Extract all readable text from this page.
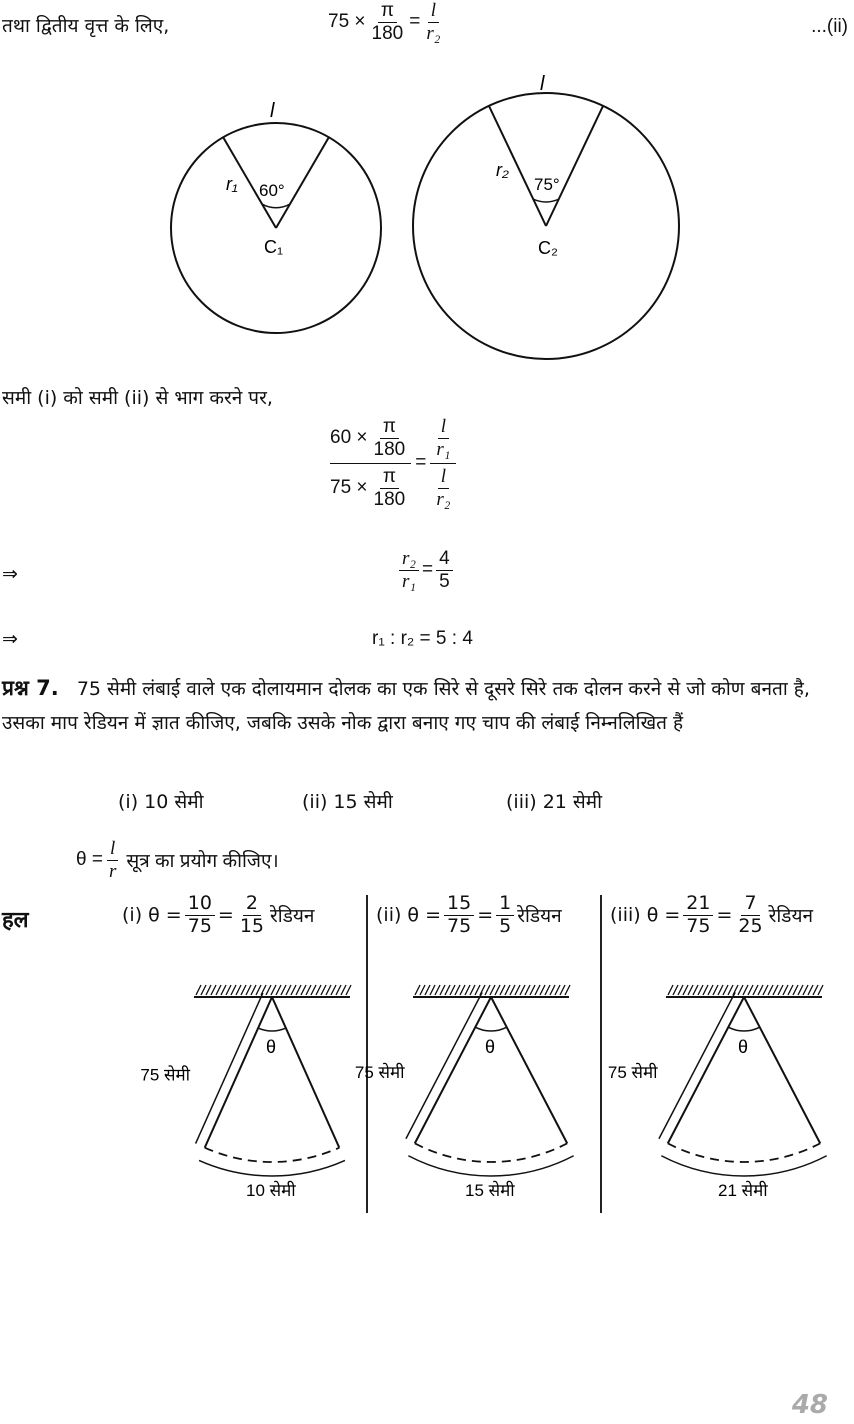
तथा द्वितीय वृत्त के लिए,	$75 \times \frac{\pi}{180} = \frac{l}{\text{r₂}}$	...(ii)
l
r₁ 60°
C₁
l
r₂
75°
C₂
समी (i) को समी (ii) से भाग करने पर,
$\frac{60 \times \frac{\pi}{180}}{75 \times \frac{\pi}{180}} = \frac{\frac{l}{\text{r₁}}}{\frac{l}{\text{r₂}}}$
⇒	$\frac{\text{r₂}}{\text{r₁}} = \frac{4}{5}$
⇒	r₁ : r₂ = 5 : 4
प्रश्न 7. 75 सेमी लंबाई वाले एक दोलायमान दोलक का एक सिरे से दूसरे सिरे तक दोलन करने से जो कोण बनता है, उसका माप रेडियन में ज्ञात कीजिए, जबकि उसके नोक द्वारा बनाए गए चाप की लंबाई निम्नलिखित हैं
(i) 10 सेमी	(ii) 15 सेमी	(iii) 21 सेमी
$\theta = \frac{l}{r}$ सूत्र का प्रयोग कीजिए।
हल	(i) $\theta = \frac{10}{75} = \frac{2}{15}$ रेडियन	(ii) $\theta = \frac{15}{75} = \frac{1}{5}$ रेडियन	(iii) $\theta = \frac{21}{75} = \frac{7}{25}$ रेडियन
θ
75 सेमी
10 सेमी
θ
75 सेमी
15 सेमी
θ
75 सेमी
21 सेमी
48
